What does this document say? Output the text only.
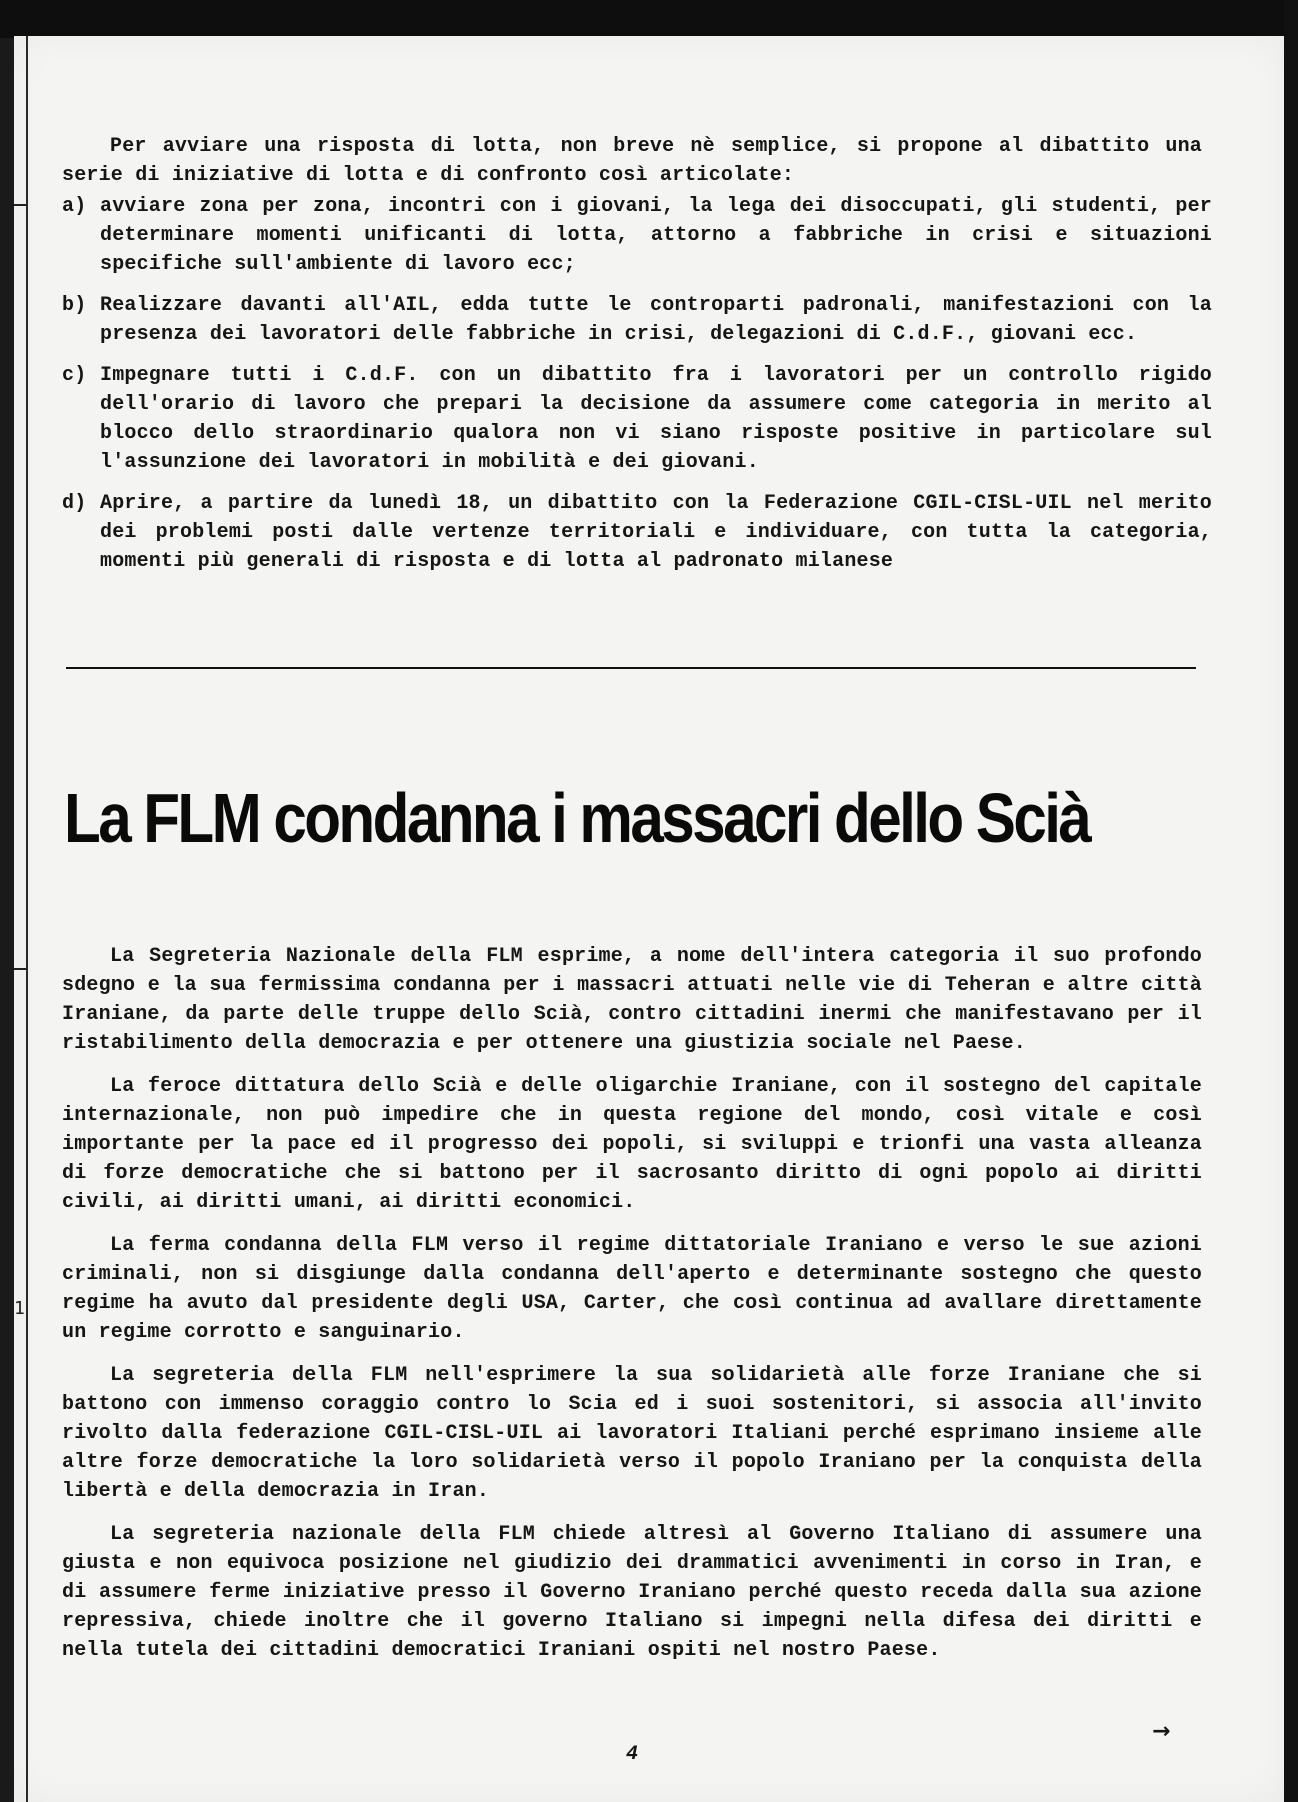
1

Per avviare una risposta di lotta, non breve nè semplice, si propone al dibattito una serie di iniziative di lotta e di confronto così articolate:

a) avviare zona per zona, incontri con i giovani, la lega dei disoccupati, gli studenti, per determinare momenti unificanti di lotta, attorno a fabbriche in crisi e situazioni specifiche sull'ambiente di lavoro ecc;
b) Realizzare davanti all'AIL, edda tutte le controparti padronali, manifestazioni con la presenza dei lavoratori delle fabbriche in crisi, delegazioni di C.d.F., giovani ecc.
c) Impegnare tutti i C.d.F. con un dibattito fra i lavoratori per un controllo rigido dell'orario di lavoro che prepari la decisione da assumere come categoria in merito al blocco dello straordinario qualora non vi siano risposte positive in particolare sul l'assunzione dei lavoratori in mobilità e dei giovani.
d) Aprire, a partire da lunedì 18, un dibattito con la Federazione CGIL-CISL-UIL nel merito dei problemi posti dalle vertenze territoriali e individuare, con tutta la categoria, momenti più generali di risposta e di lotta al padronato milanese
La FLM condanna i massacri dello Scià

La Segreteria Nazionale della FLM esprime, a nome dell'intera categoria il suo profondo sdegno e la sua fermissima condanna per i massacri attuati nelle vie di Teheran e altre città Iraniane, da parte delle truppe dello Scià, contro cittadini inermi che manifestavano per il ristabilimento della democrazia e per ottenere una giustizia sociale nel Paese.

La feroce dittatura dello Scià e delle oligarchie Iraniane, con il sostegno del capitale internazionale, non può impedire che in questa regione del mondo, così vitale e così importante per la pace ed il progresso dei popoli, si sviluppi e trionfi una vasta alleanza di forze democratiche che si battono per il sacrosanto diritto di ogni popolo ai diritti civili, ai diritti umani, ai diritti economici.

La ferma condanna della FLM verso il regime dittatoriale Iraniano e verso le sue azioni criminali, non si disgiunge dalla condanna dell'aperto e determinante sostegno che questo regime ha avuto dal presidente degli USA, Carter, che così continua ad avallare direttamente un regime corrotto e sanguinario.

La segreteria della FLM nell'esprimere la sua solidarietà alle forze Iraniane che si battono con immenso coraggio contro lo Scia ed i suoi sostenitori, si associa all'invito rivolto dalla federazione CGIL-CISL-UIL ai lavoratori Italiani perché esprimano insieme alle altre forze democratiche la loro solidarietà verso il popolo Iraniano per la conquista della libertà e della democrazia in Iran.

La segreteria nazionale della FLM chiede altresì al Governo Italiano di assumere una giusta e non equivoca posizione nel giudizio dei drammatici avvenimenti in corso in Iran, e di assumere ferme iniziative presso il Governo Iraniano perché questo receda dalla sua azione repressiva, chiede inoltre che il governo Italiano si impegni nella difesa dei diritti e nella tutela dei cittadini democratici Iraniani ospiti nel nostro Paese.

→
4
